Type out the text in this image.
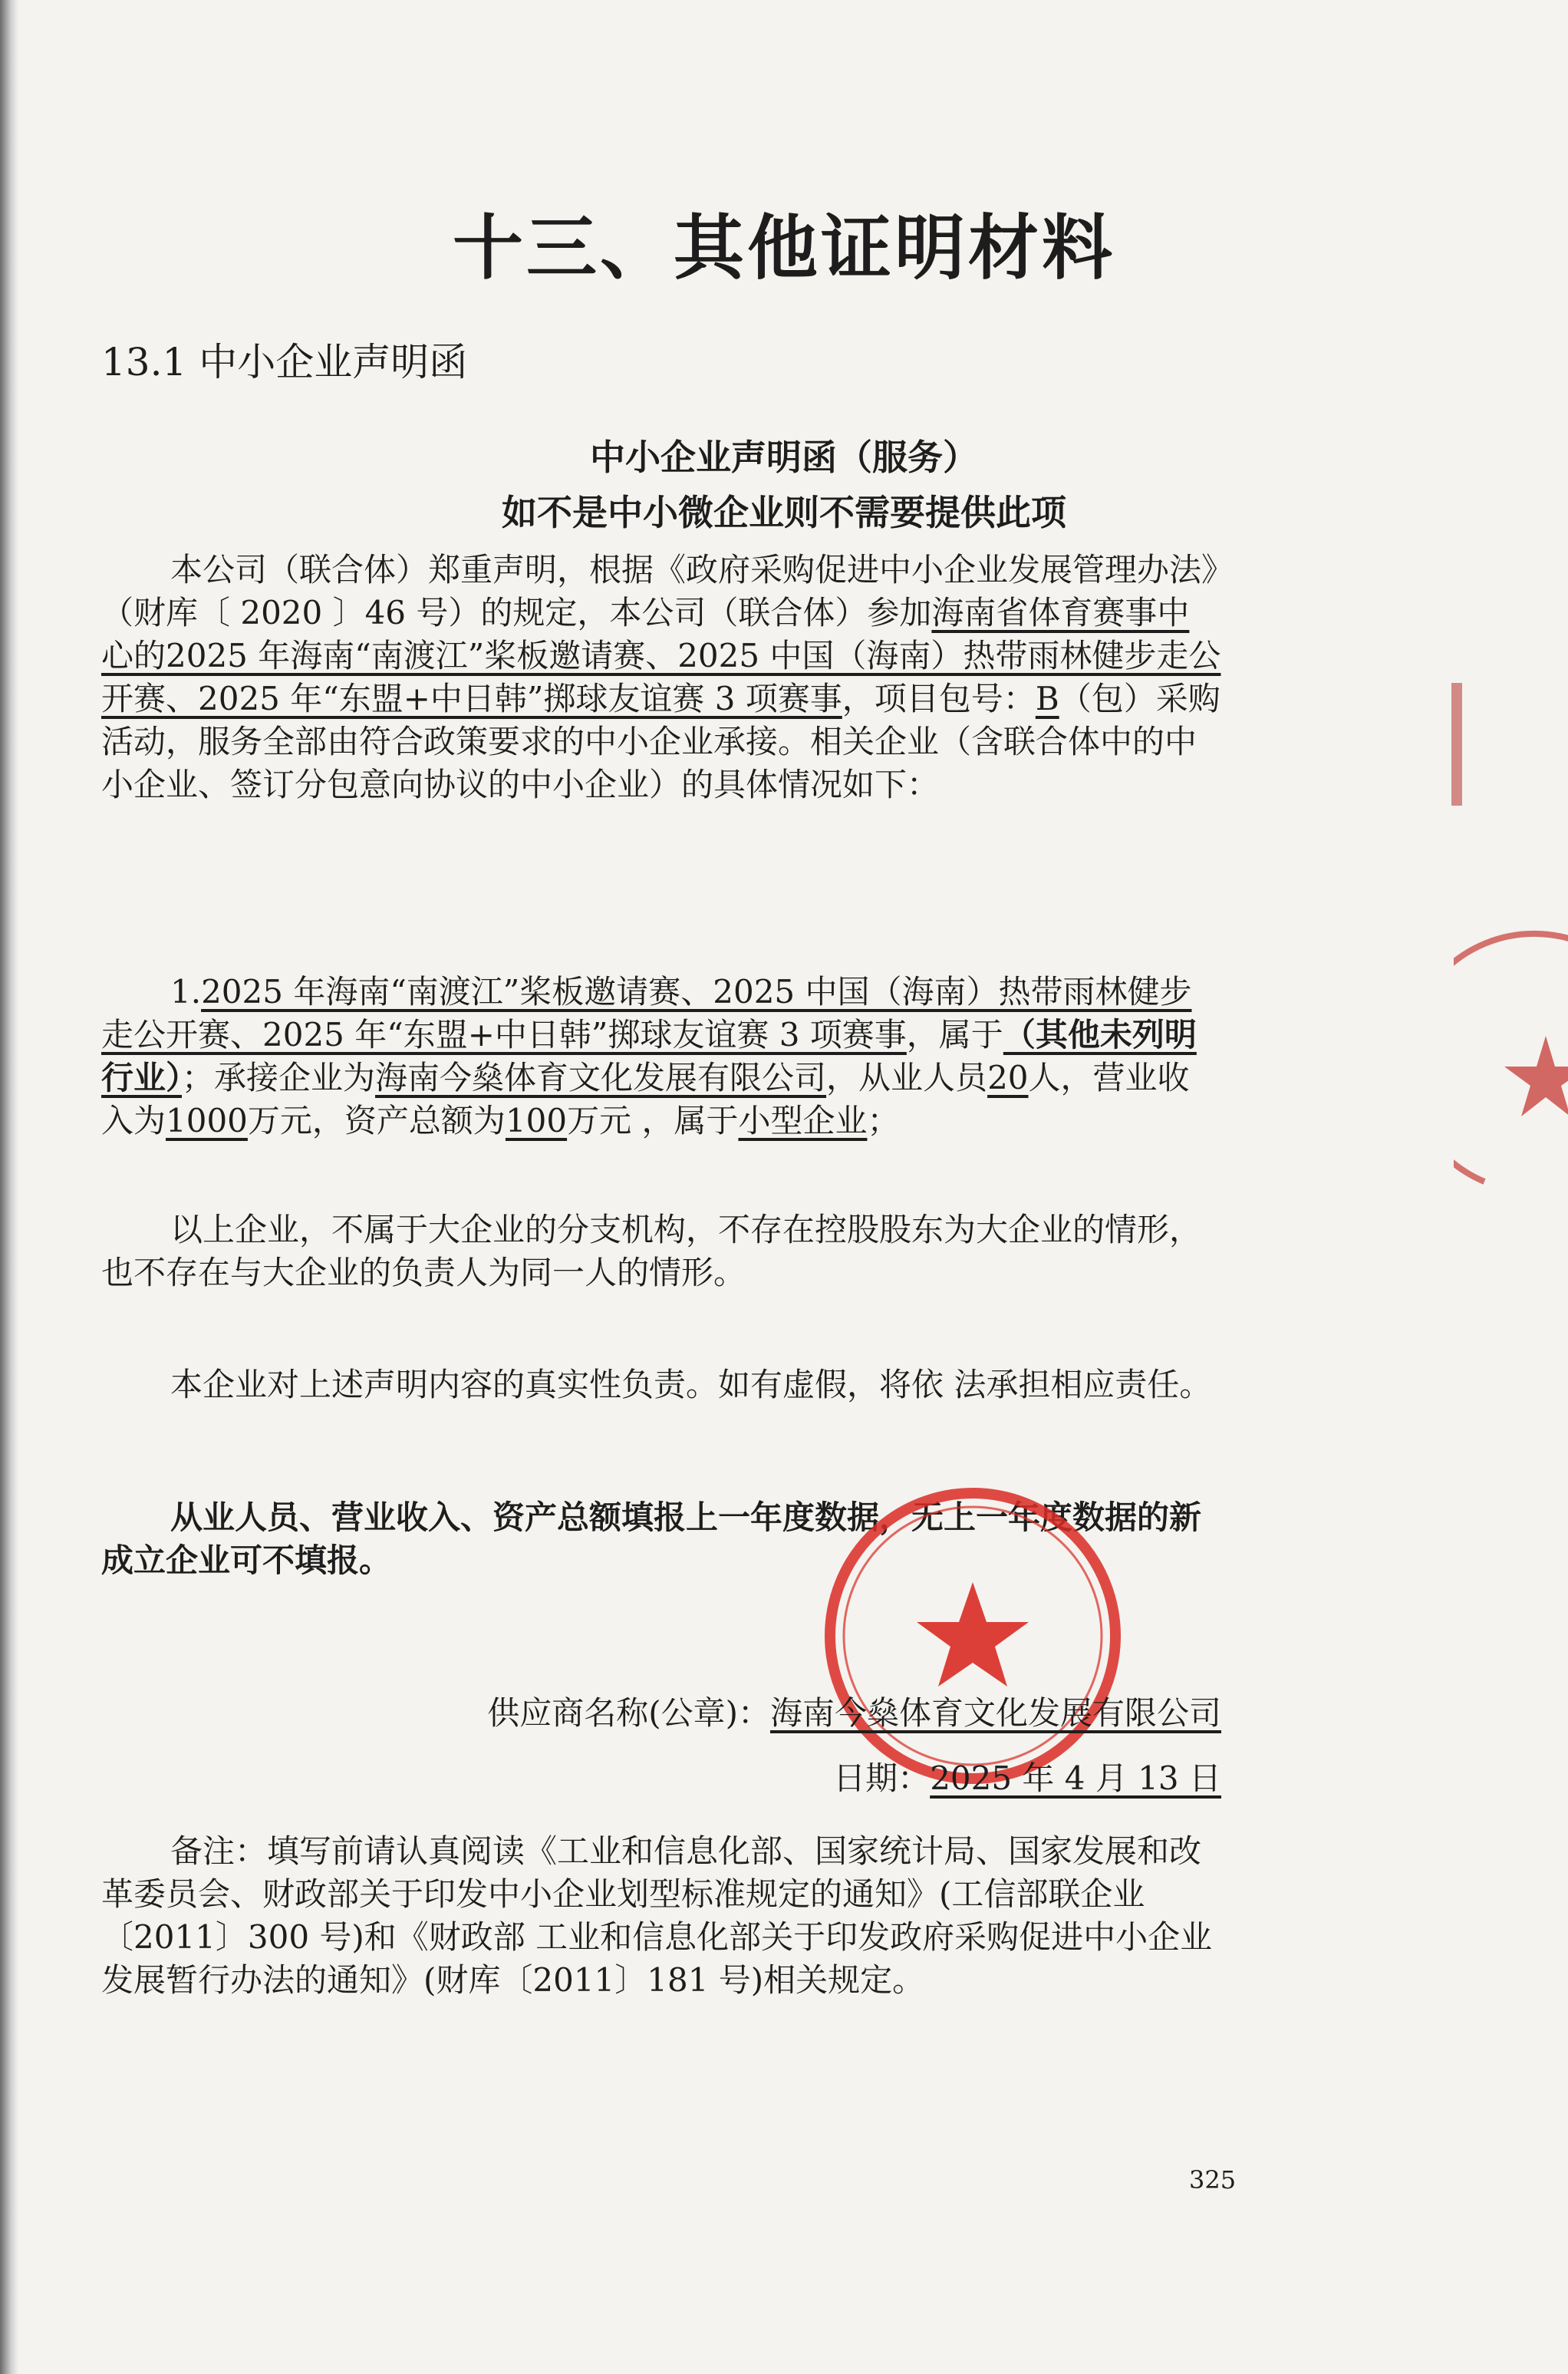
十三、其他证明材料
13.1 中小企业声明函
中小企业声明函（服务）
如不是中小微企业则不需要提供此项
本公司（联合体）郑重声明，根据《政府采购促进中小企业发展管理办法》（财库〔 2020 〕46 号）的规定，本公司（联合体）参加海南省体育赛事中心的2025 年海南“南渡江”桨板邀请赛、2025 中国（海南）热带雨林健步走公开赛、2025 年“东盟+中日韩”掷球友谊赛 3 项赛事，项目包号：B（包）采购活动，服务全部由符合政策要求的中小企业承接。相关企业（含联合体中的中小企业、签订分包意向协议的中小企业）的具体情况如下：
1.2025 年海南“南渡江”桨板邀请赛、2025 中国（海南）热带雨林健步走公开赛、2025 年“东盟+中日韩”掷球友谊赛 3 项赛事，属于（其他未列明行业）；承接企业为海南今燊体育文化发展有限公司，从业人员20人，营业收入为1000万元，资产总额为100万元 ，属于小型企业；
以上企业，不属于大企业的分支机构，不存在控股股东为大企业的情形，也不存在与大企业的负责人为同一人的情形。
本企业对上述声明内容的真实性负责。如有虚假，将依 法承担相应责任。
从业人员、营业收入、资产总额填报上一年度数据，无上一年度数据的新成立企业可不填报。
供应商名称(公章)：海南今燊体育文化发展有限公司
日期：2025 年 4 月 13 日
备注：填写前请认真阅读《工业和信息化部、国家统计局、国家发展和改革委员会、财政部关于印发中小企业划型标准规定的通知》(工信部联企业〔2011〕300 号)和《财政部 工业和信息化部关于印发政府采购促进中小企业发展暂行办法的通知》(财库〔2011〕181 号)相关规定。
325
